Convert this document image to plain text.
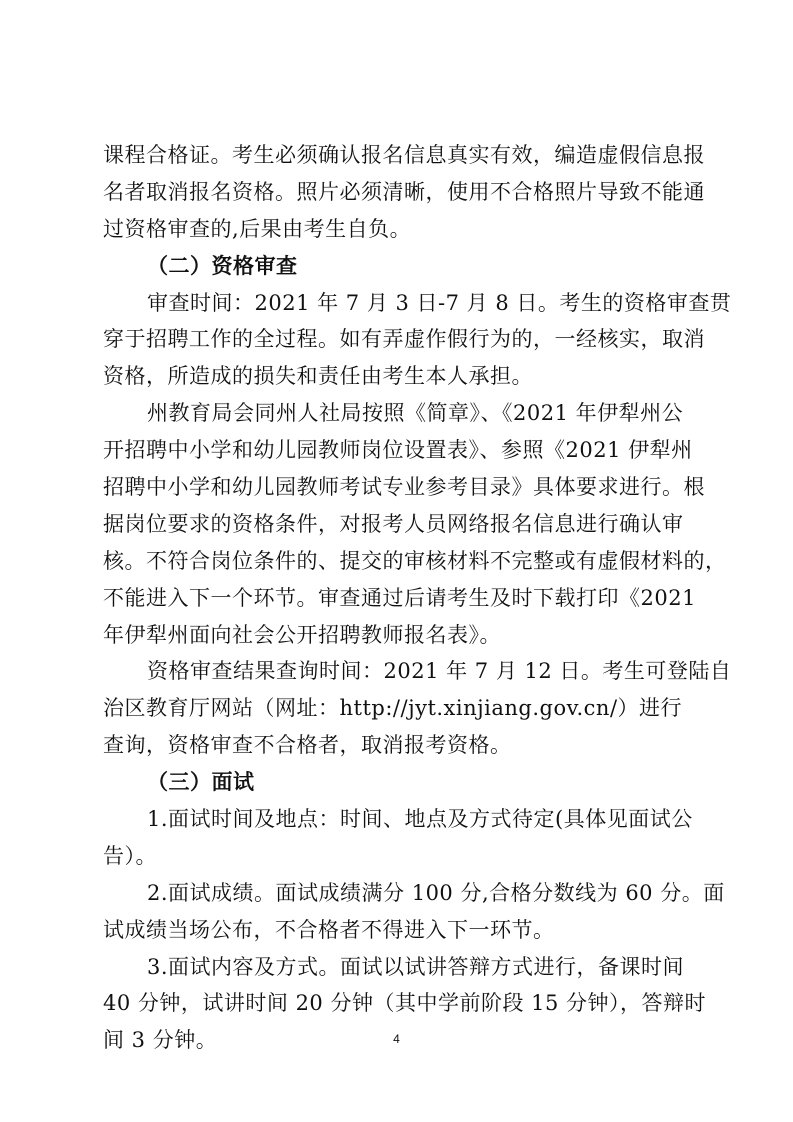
课程合格证。考生必须确认报名信息真实有效，编造虚假信息报
名者取消报名资格。照片必须清晰，使用不合格照片导致不能通
过资格审查的,后果由考生自负。
（二）资格审查
审查时间：2021 年 7 月 3 日-7 月 8 日。考生的资格审查贯
穿于招聘工作的全过程。如有弄虚作假行为的，一经核实，取消
资格，所造成的损失和责任由考生本人承担。
州教育局会同州人社局按照《简章》、《2021 年伊犁州公
开招聘中小学和幼儿园教师岗位设置表》、参照《2021 伊犁州
招聘中小学和幼儿园教师考试专业参考目录》具体要求进行。根
据岗位要求的资格条件，对报考人员网络报名信息进行确认审
核。不符合岗位条件的、提交的审核材料不完整或有虚假材料的，
不能进入下一个环节。审查通过后请考生及时下载打印《2021
年伊犁州面向社会公开招聘教师报名表》。
资格审查结果查询时间：2021 年 7 月 12 日。考生可登陆自
治区教育厅网站（网址：http://jyt.xinjiang.gov.cn/）进行
查询，资格审查不合格者，取消报考资格。
（三）面试
1.面试时间及地点：时间、地点及方式待定(具体见面试公
告）。
2.面试成绩。面试成绩满分 100 分,合格分数线为 60 分。面
试成绩当场公布，不合格者不得进入下一环节。
3.面试内容及方式。面试以试讲答辩方式进行，备课时间
40 分钟，试讲时间 20 分钟（其中学前阶段 15 分钟），答辩时
间 3 分钟。	4
